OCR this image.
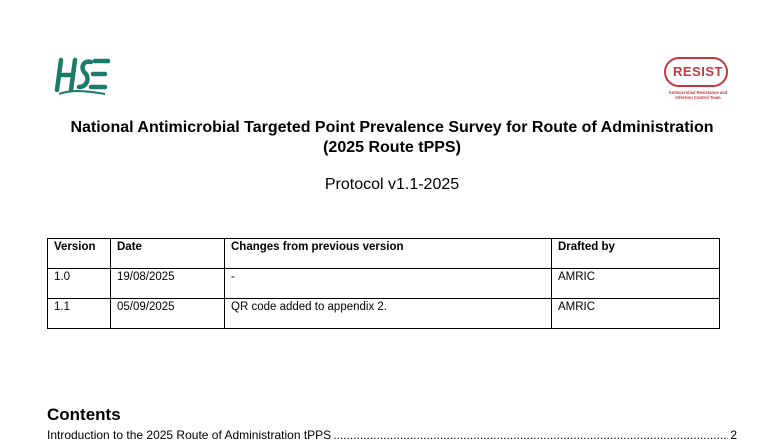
RESIST
Antimicrobial Resistance and Infection Control Team
National Antimicrobial Targeted Point Prevalence Survey for Route of Administration (2025 Route tPPS)
Protocol v1.1-2025
Version	Date	Changes from previous version	Drafted by
1.0	19/08/2025	-	AMRIC
1.1	05/09/2025	QR code added to appendix 2.	AMRIC
Contents
Introduction to the 2025 Route of Administration tPPS .....	2
